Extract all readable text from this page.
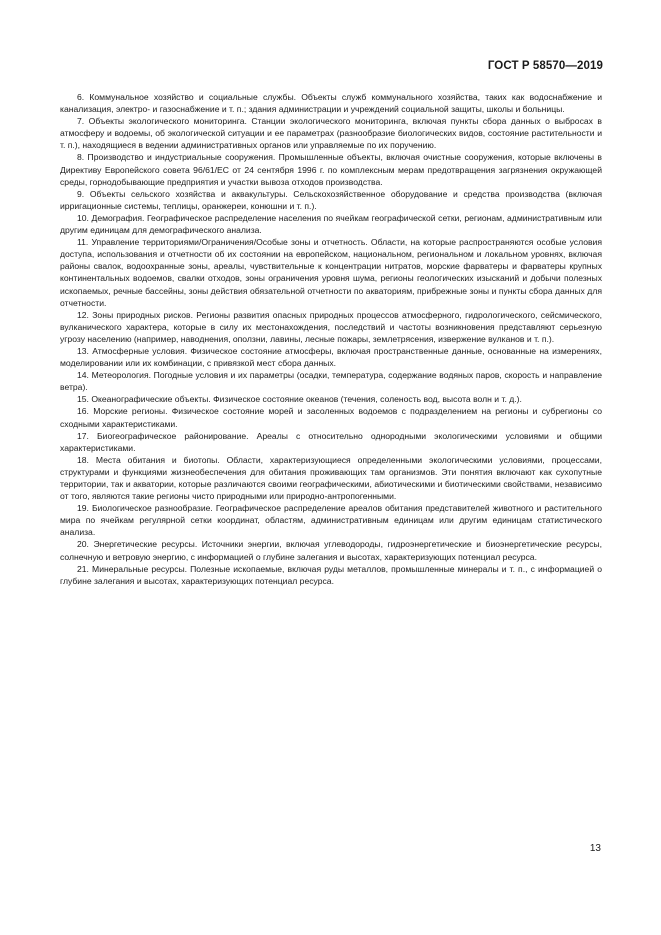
ГОСТ Р 58570—2019

6. Коммунальное хозяйство и социальные службы. Объекты служб коммунального хозяйства, таких как водоснабжение и канализация, электро- и газоснабжение и т. п.; здания администрации и учреждений социальной защиты, школы и больницы.

7. Объекты экологического мониторинга. Станции экологического мониторинга, включая пункты сбора данных о выбросах в атмосферу и водоемы, об экологической ситуации и ее параметрах (разнообразие биологических видов, состояние растительности и т. п.), находящиеся в ведении административных органов или управляемые по их поручению.

8. Производство и индустриальные сооружения. Промышленные объекты, включая очистные сооружения, которые включены в Директиву Европейского совета 96/61/ЕС от 24 сентября 1996 г. по комплексным мерам предотвращения загрязнения окружающей среды, горнодобывающие предприятия и участки вывоза отходов производства.

9. Объекты сельского хозяйства и аквакультуры. Сельскохозяйственное оборудование и средства производства (включая ирригационные системы, теплицы, оранжереи, конюшни и т. п.).

10. Демография. Географическое распределение населения по ячейкам географической сетки, регионам, административным или другим единицам для демографического анализа.

11. Управление территориями/Ограничения/Особые зоны и отчетность. Области, на которые распространяются особые условия доступа, использования и отчетности об их состоянии на европейском, национальном, региональном и локальном уровнях, включая районы свалок, водоохранные зоны, ареалы, чувствительные к концентрации нитратов, морские фарватеры и фарватеры крупных континентальных водоемов, свалки отходов, зоны ограничения уровня шума, регионы геологических изысканий и добычи полезных ископаемых, речные бассейны, зоны действия обязательной отчетности по акваториям, прибрежные зоны и пункты сбора данных для отчетности.

12. Зоны природных рисков. Регионы развития опасных природных процессов атмосферного, гидрологического, сейсмического, вулканического характера, которые в силу их местонахождения, последствий и частоты возникновения представляют серьезную угрозу населению (например, наводнения, оползни, лавины, лесные пожары, землетрясения, извержение вулканов и т. п.).

13. Атмосферные условия. Физическое состояние атмосферы, включая пространственные данные, основанные на измерениях, моделировании или их комбинации, с привязкой мест сбора данных.

14. Метеорология. Погодные условия и их параметры (осадки, температура, содержание водяных паров, скорость и направление ветра).

15. Океанографические объекты. Физическое состояние океанов (течения, соленость вод, высота волн и т. д.).

16. Морские регионы. Физическое состояние морей и засоленных водоемов с подразделением на регионы и субрегионы со сходными характеристиками.

17. Биогеографическое районирование. Ареалы с относительно однородными экологическими условиями и общими характеристиками.

18. Места обитания и биотопы. Области, характеризующиеся определенными экологическими условиями, процессами, структурами и функциями жизнеобеспечения для обитания проживающих там организмов. Эти понятия включают как сухопутные территории, так и акватории, которые различаются своими географическими, абиотическими и биотическими свойствами, независимо от того, являются такие регионы чисто природными или природно-антропогенными.

19. Биологическое разнообразие. Географическое распределение ареалов обитания представителей животного и растительного мира по ячейкам регулярной сетки координат, областям, административным единицам или другим единицам статистического анализа.

20. Энергетические ресурсы. Источники энергии, включая углеводороды, гидроэнергетические и биоэнергетические ресурсы, солнечную и ветровую энергию, с информацией о глубине залегания и высотах, характеризующих потенциал ресурса.

21. Минеральные ресурсы. Полезные ископаемые, включая руды металлов, промышленные минералы и т. п., с информацией о глубине залегания и высотах, характеризующих потенциал ресурса.

13
